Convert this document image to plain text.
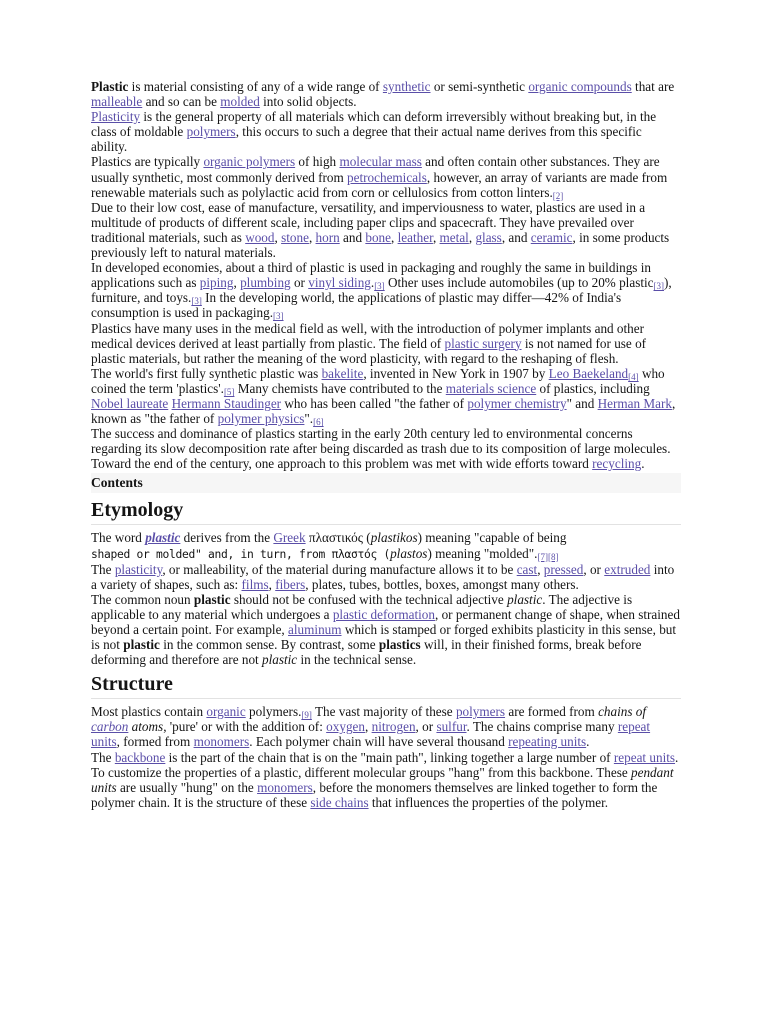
Plastic is material consisting of any of a wide range of synthetic or semi-synthetic organic compounds that are malleable and so can be molded into solid objects.

Plasticity is the general property of all materials which can deform irreversibly without breaking but, in the class of moldable polymers, this occurs to such a degree that their actual name derives from this specific ability.

Plastics are typically organic polymers of high molecular mass and often contain other substances. They are usually synthetic, most commonly derived from petrochemicals, however, an array of variants are made from renewable materials such as polylactic acid from corn or cellulosics from cotton linters.[2]

Due to their low cost, ease of manufacture, versatility, and imperviousness to water, plastics are used in a multitude of products of different scale, including paper clips and spacecraft. They have prevailed over traditional materials, such as wood, stone, horn and bone, leather, metal, glass, and ceramic, in some products previously left to natural materials.

In developed economies, about a third of plastic is used in packaging and roughly the same in buildings in applications such as piping, plumbing or vinyl siding.[3] Other uses include automobiles (up to 20% plastic[3]), furniture, and toys.[3] In the developing world, the applications of plastic may differ—42% of India's consumption is used in packaging.[3]

Plastics have many uses in the medical field as well, with the introduction of polymer implants and other medical devices derived at least partially from plastic. The field of plastic surgery is not named for use of plastic materials, but rather the meaning of the word plasticity, with regard to the reshaping of flesh.

The world's first fully synthetic plastic was bakelite, invented in New York in 1907 by Leo Baekeland[4] who coined the term 'plastics'.[5] Many chemists have contributed to the materials science of plastics, including Nobel laureate Hermann Staudinger who has been called "the father of polymer chemistry" and Herman Mark, known as "the father of polymer physics".[6]

The success and dominance of plastics starting in the early 20th century led to environmental concerns regarding its slow decomposition rate after being discarded as trash due to its composition of large molecules. Toward the end of the century, one approach to this problem was met with wide efforts toward recycling.

Contents
Etymology

The word plastic derives from the Greek πλαστικός (plastikos) meaning "capable of being
shaped or molded" and, in turn, from πλαστός (plastos) meaning "molded".[7][8]

The plasticity, or malleability, of the material during manufacture allows it to be cast, pressed, or extruded into a variety of shapes, such as: films, fibers, plates, tubes, bottles, boxes, amongst many others.

The common noun plastic should not be confused with the technical adjective plastic. The adjective is applicable to any material which undergoes a plastic deformation, or permanent change of shape, when strained beyond a certain point. For example, aluminum which is stamped or forged exhibits plasticity in this sense, but is not plastic in the common sense. By contrast, some plastics will, in their finished forms, break before deforming and therefore are not plastic in the technical sense.

Structure

Most plastics contain organic polymers.[9] The vast majority of these polymers are formed from chains of carbon atoms, 'pure' or with the addition of: oxygen, nitrogen, or sulfur. The chains comprise many repeat units, formed from monomers. Each polymer chain will have several thousand repeating units.

The backbone is the part of the chain that is on the "main path", linking together a large number of repeat units.

To customize the properties of a plastic, different molecular groups "hang" from this backbone. These pendant units are usually "hung" on the monomers, before the monomers themselves are linked together to form the polymer chain. It is the structure of these side chains that influences the properties of the polymer.
